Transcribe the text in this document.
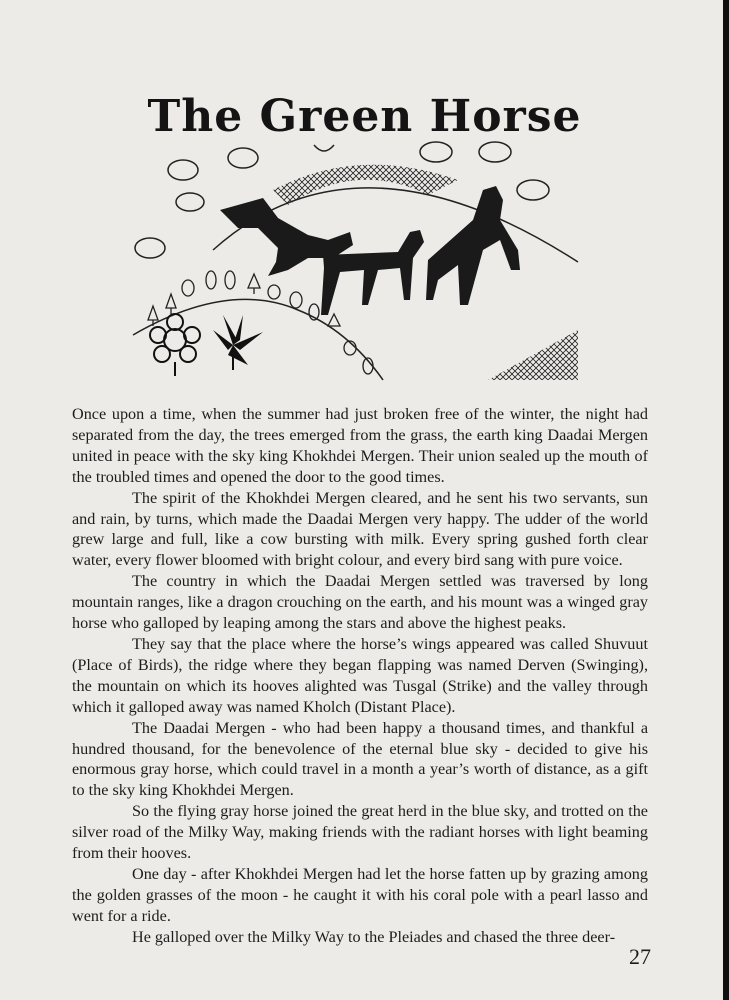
The Green Horse

Once upon a time, when the summer had just broken free of the winter, the night had separated from the day, the trees emerged from the grass, the earth king Daadai Mergen united in peace with the sky king Khokhdei Mergen. Their union sealed up the mouth of the troubled times and opened the door to the good times.

The spirit of the Khokhdei Mergen cleared, and he sent his two servants, sun and rain, by turns, which made the Daadai Mergen very happy. The udder of the world grew large and full, like a cow bursting with milk. Every spring gushed forth clear water, every flower bloomed with bright colour, and every bird sang with pure voice.

The country in which the Daadai Mergen settled was traversed by long mountain ranges, like a dragon crouching on the earth, and his mount was a winged gray horse who galloped by leaping among the stars and above the highest peaks.

They say that the place where the horse’s wings appeared was called Shuvuut (Place of Birds), the ridge where they began flapping was named Derven (Swinging), the mountain on which its hooves alighted was Tusgal (Strike) and the valley through which it galloped away was named Kholch (Distant Place).

The Daadai Mergen - who had been happy a thousand times, and thankful a hundred thousand, for the benevolence of the eternal blue sky - decided to give his enormous gray horse, which could travel in a month a year’s worth of distance, as a gift to the sky king Khokhdei Mergen.

So the flying gray horse joined the great herd in the blue sky, and trotted on the silver road of the Milky Way, making friends with the radiant horses with light beaming from their hooves.

One day - after Khokhdei Mergen had let the horse fatten up by grazing among the golden grasses of the moon - he caught it with his coral pole with a pearl lasso and went for a ride.

He galloped over the Milky Way to the Pleiades and chased the three deer-

27
